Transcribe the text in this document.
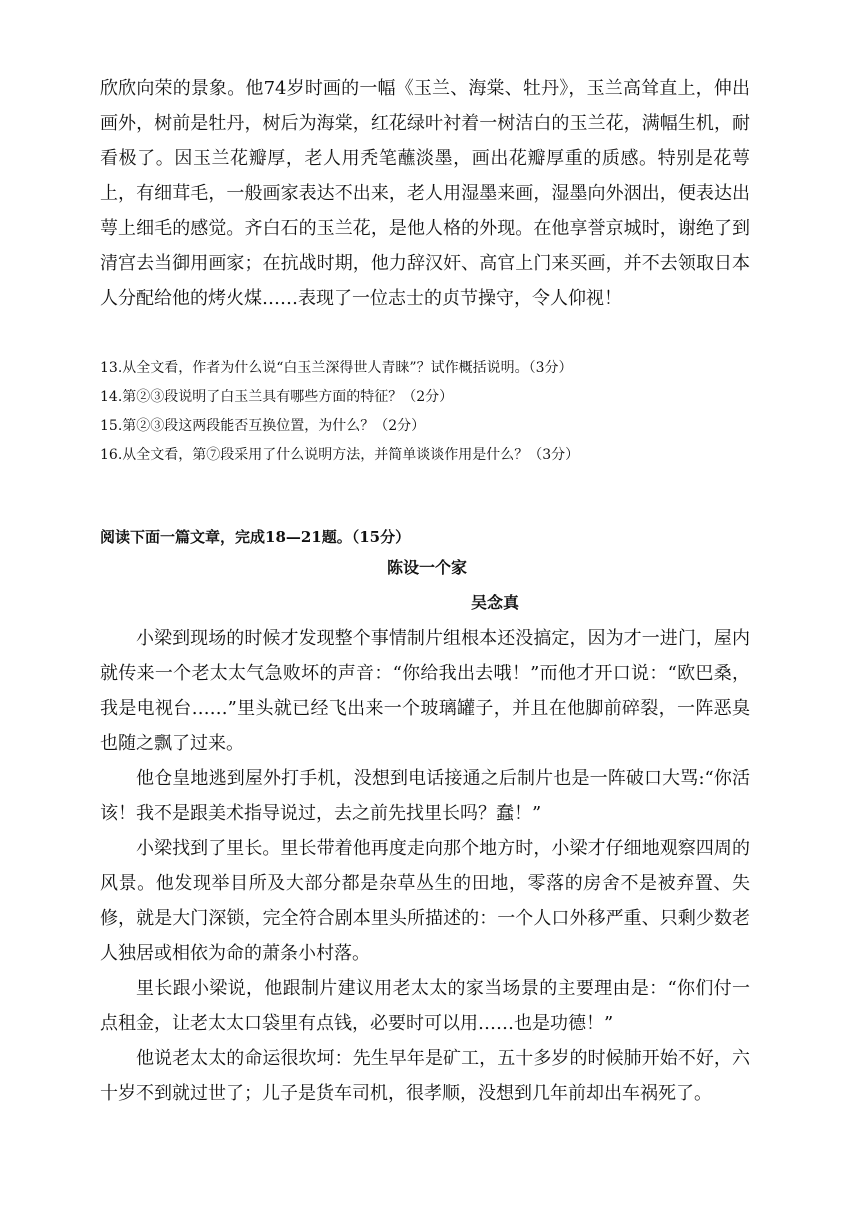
欣欣向荣的景象。他74岁时画的一幅《玉兰、海棠、牡丹》，玉兰高耸直上，伸出画外，树前是牡丹，树后为海棠，红花绿叶衬着一树洁白的玉兰花，满幅生机，耐看极了。因玉兰花瓣厚，老人用秃笔蘸淡墨，画出花瓣厚重的质感。特别是花萼上，有细茸毛，一般画家表达不出来，老人用湿墨来画，湿墨向外洇出，便表达出萼上细毛的感觉。齐白石的玉兰花，是他人格的外现。在他享誉京城时，谢绝了到清宫去当御用画家；在抗战时期，他力辞汉奸、高官上门来买画，并不去领取日本人分配给他的烤火煤……表现了一位志士的贞节操守，令人仰视！

13.从全文看，作者为什么说“白玉兰深得世人青睐”？试作概括说明。（3分）

14.第②③段说明了白玉兰具有哪些方面的特征？（2分）

15.第②③段这两段能否互换位置，为什么？（2分）

16.从全文看，第⑦段采用了什么说明方法，并简单谈谈作用是什么？（3分）

阅读下面一篇文章，完成18—21题。（15分）

陈设一个家

吴念真

小梁到现场的时候才发现整个事情制片组根本还没搞定，因为才一进门，屋内就传来一个老太太气急败坏的声音：“你给我出去哦！”而他才开口说：“欧巴桑，我是电视台……”里头就已经飞出来一个玻璃罐子，并且在他脚前碎裂，一阵恶臭也随之飘了过来。

他仓皇地逃到屋外打手机，没想到电话接通之后制片也是一阵破口大骂:“你活该！我不是跟美术指导说过，去之前先找里长吗？蠢！”

小梁找到了里长。里长带着他再度走向那个地方时，小梁才仔细地观察四周的风景。他发现举目所及大部分都是杂草丛生的田地，零落的房舍不是被弃置、失修，就是大门深锁，完全符合剧本里头所描述的：一个人口外移严重、只剩少数老人独居或相依为命的萧条小村落。

里长跟小梁说，他跟制片建议用老太太的家当场景的主要理由是：“你们付一点租金，让老太太口袋里有点钱，必要时可以用……也是功德！”

他说老太太的命运很坎坷：先生早年是矿工，五十多岁的时候肺开始不好，六十岁不到就过世了；儿子是货车司机，很孝顺，没想到几年前却出车祸死了。
